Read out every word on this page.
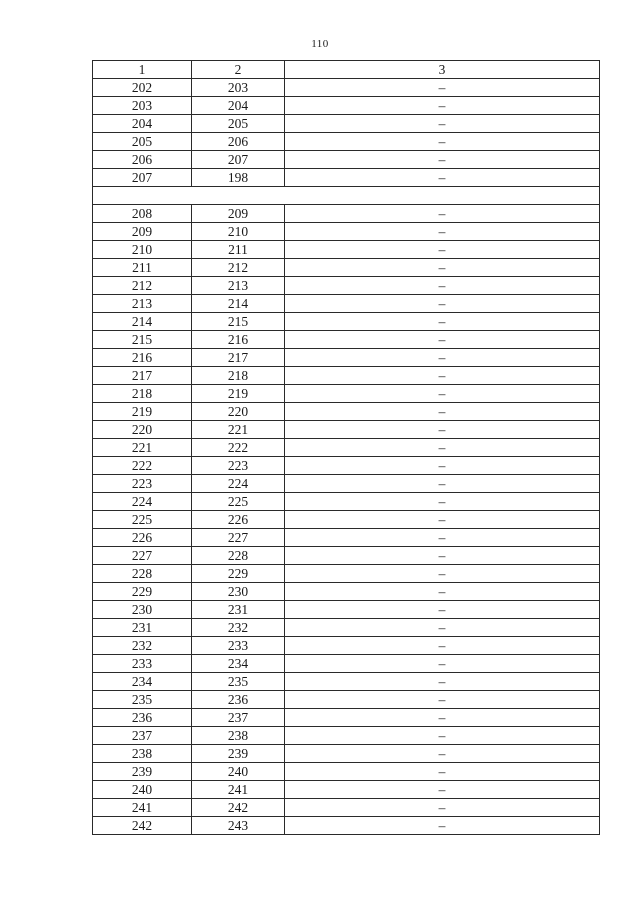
110
1	2	3
202	203	–
203	204	–
204	205	–
205	206	–
206	207	–
207	198	–

208	209	–
209	210	–
210	211	–
211	212	–
212	213	–
213	214	–
214	215	–
215	216	–
216	217	–
217	218	–
218	219	–
219	220	–
220	221	–
221	222	–
222	223	–
223	224	–
224	225	–
225	226	–
226	227	–
227	228	–
228	229	–
229	230	–
230	231	–
231	232	–
232	233	–
233	234	–
234	235	–
235	236	–
236	237	–
237	238	–
238	239	–
239	240	–
240	241	–
241	242	–
242	243	–
